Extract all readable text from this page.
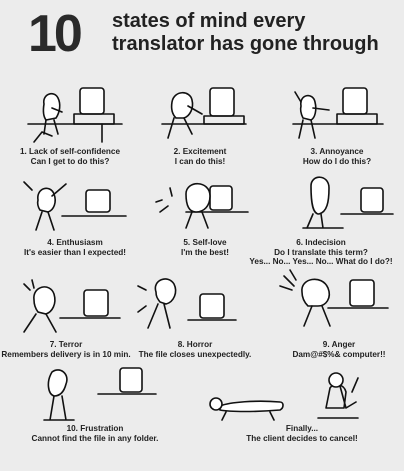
10 states of mind every
translator has gone through
1. Lack of self-confidence
Can I get to do this?
2. Excitement
I can do this!
3. Annoyance
How do I do this?
4. Enthusiasm
It's easier than I expected!
5. Self-love
I'm the best!
6. Indecision
Do I translate this term?
Yes... No... Yes... No... What do I do?!
7. Terror
Remembers delivery is in 10 min.
8. Horror
The file closes unexpectedly.
9. Anger
Dam@#$%& computer!!
10. Frustration
Cannot find the file in any folder.
Finally...
The client decides to cancel!
